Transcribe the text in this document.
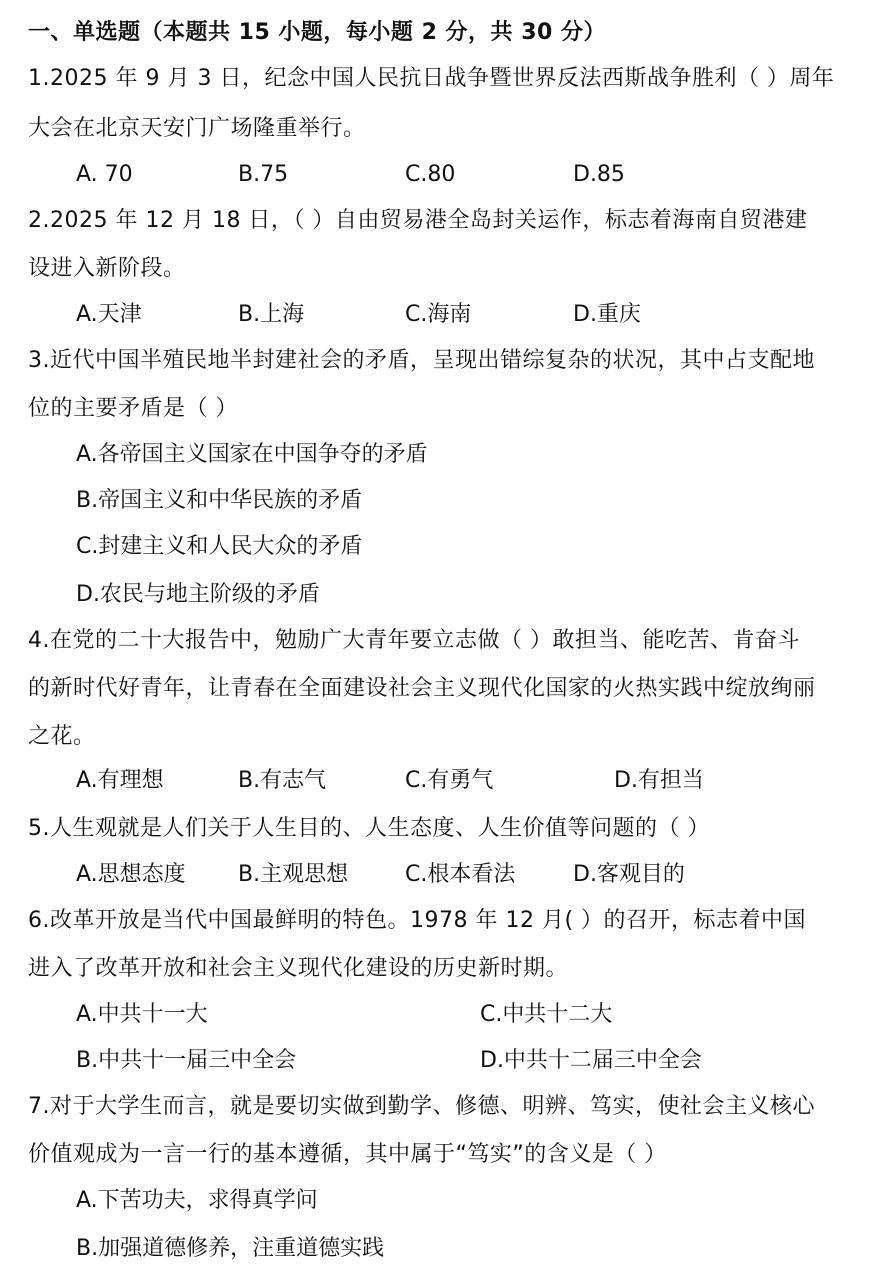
一、单选题（本题共 15 小题，每小题 2 分，共 30 分）
1.2025 年 9 月 3 日，纪念中国人民抗日战争暨世界反法西斯战争胜利（ ）周年
大会在北京天安门广场隆重举行。
A. 70	B.75	C.80	D.85
2.2025 年 12 月 18 日，（ ）自由贸易港全岛封关运作，标志着海南自贸港建
设进入新阶段。
A.天津	B.上海	C.海南	D.重庆
3.近代中国半殖民地半封建社会的矛盾，呈现出错综复杂的状况，其中占支配地
位的主要矛盾是（ ）
A.各帝国主义国家在中国争夺的矛盾
B.帝国主义和中华民族的矛盾
C.封建主义和人民大众的矛盾
D.农民与地主阶级的矛盾
4.在党的二十大报告中，勉励广大青年要立志做（ ）敢担当、能吃苦、肯奋斗
的新时代好青年，让青春在全面建设社会主义现代化国家的火热实践中绽放绚丽
之花。
A.有理想	B.有志气	C.有勇气	D.有担当
5.人生观就是人们关于人生目的、人生态度、人生价值等问题的（ ）
A.思想态度 B.主观思想	C.根本看法	D.客观目的
6.改革开放是当代中国最鲜明的特色。1978 年 12 月( ）的召开，标志着中国
进入了改革开放和社会主义现代化建设的历史新时期。
A.中共十一大	C.中共十二大
B.中共十一届三中全会	D.中共十二届三中全会
7.对于大学生而言，就是要切实做到勤学、修德、明辨、笃实，使社会主义核心
价值观成为一言一行的基本遵循，其中属于“笃实”的含义是（ ）
A.下苦功夫，求得真学问
B.加强道德修养，注重道德实践
